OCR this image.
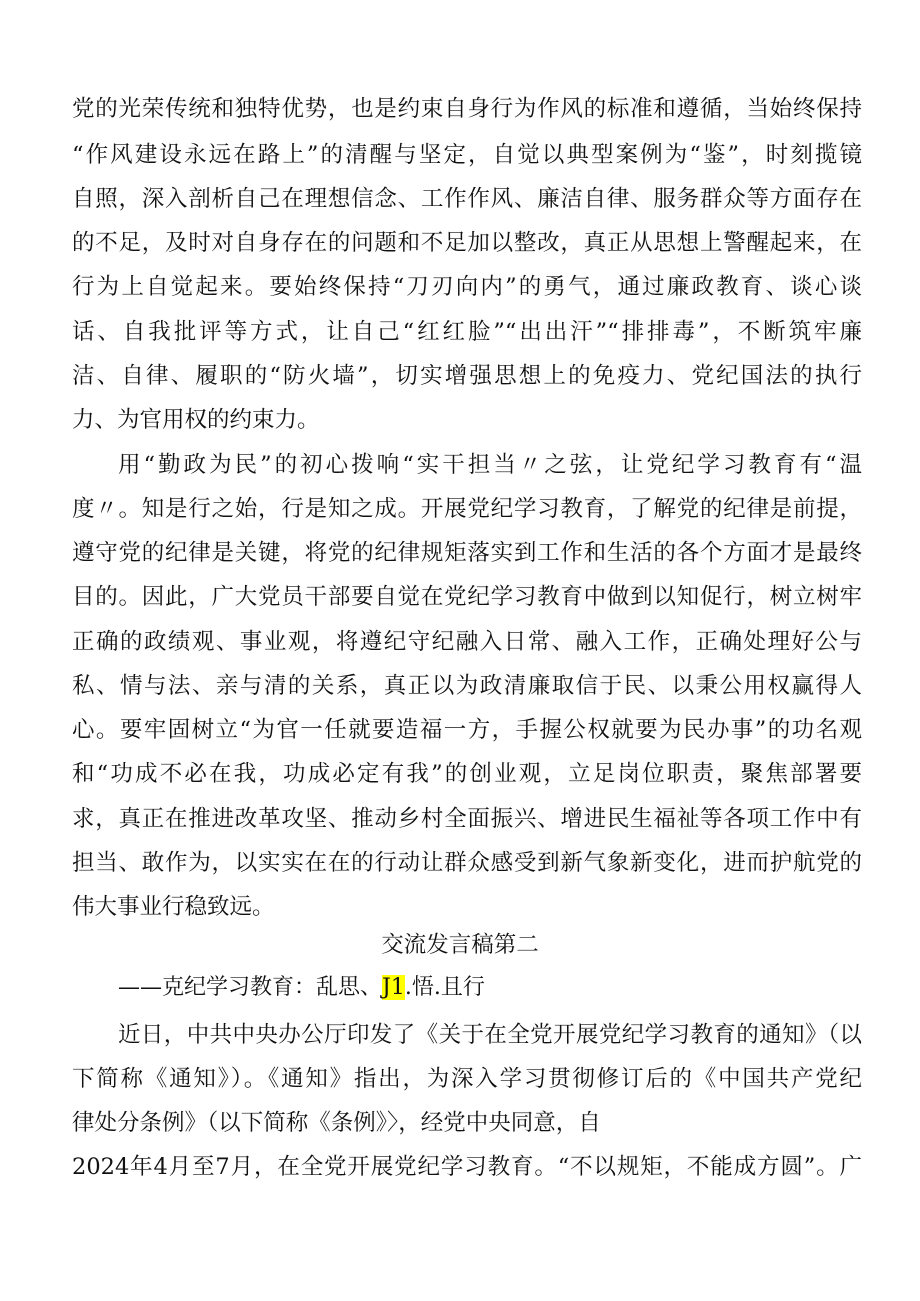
党的光荣传统和独特优势，也是约束自身行为作风的标准和遵循，当始终保持
“作风建设永远在路上”的清醒与坚定，自觉以典型案例为“鉴”，时刻揽镜
自照，深入剖析自己在理想信念、工作作风、廉洁自律、服务群众等方面存在
的不足，及时对自身存在的问题和不足加以整改，真正从思想上警醒起来，在
行为上自觉起来。要始终保持“刀刃向内”的勇气，通过廉政教育、谈心谈
话、自我批评等方式，让自己“红红脸”“出出汗”“排排毒”，不断筑牢廉
洁、自律、履职的“防火墙”，切实增强思想上的免疫力、党纪国法的执行
力、为官用权的约束力。
用“勤政为民”的初心拨响“实干担当〃之弦，让党纪学习教育有“温
度〃。知是行之始，行是知之成。开展党纪学习教育，了解党的纪律是前提，
遵守党的纪律是关键，将党的纪律规矩落实到工作和生活的各个方面才是最终
目的。因此，广大党员干部要自觉在党纪学习教育中做到以知促行，树立树牢
正确的政绩观、事业观，将遵纪守纪融入日常、融入工作，正确处理好公与
私、情与法、亲与清的关系，真正以为政清廉取信于民、以秉公用权赢得人
心。要牢固树立“为官一任就要造福一方，手握公权就要为民办事”的功名观
和“功成不必在我，功成必定有我”的创业观，立足岗位职责，聚焦部署要
求，真正在推进改革攻坚、推动乡村全面振兴、增进民生福祉等各项工作中有
担当、敢作为，以实实在在的行动让群众感受到新气象新变化，进而护航党的
伟大事业行稳致远。
交流发言稿第二
——克纪学习教育：乱思、J1.悟.且行
近日，中共中央办公厅印发了《关于在全党开展党纪学习教育的通知》（以
下简称《通知》）。《通知》指出，为深入学习贯彻修订后的《中国共产党纪
律处分条例》（以下简称《条例》〉，经党中央同意，自
2024年4月至7月，在全党开展党纪学习教育。“不以规矩，不能成方圆”。广
